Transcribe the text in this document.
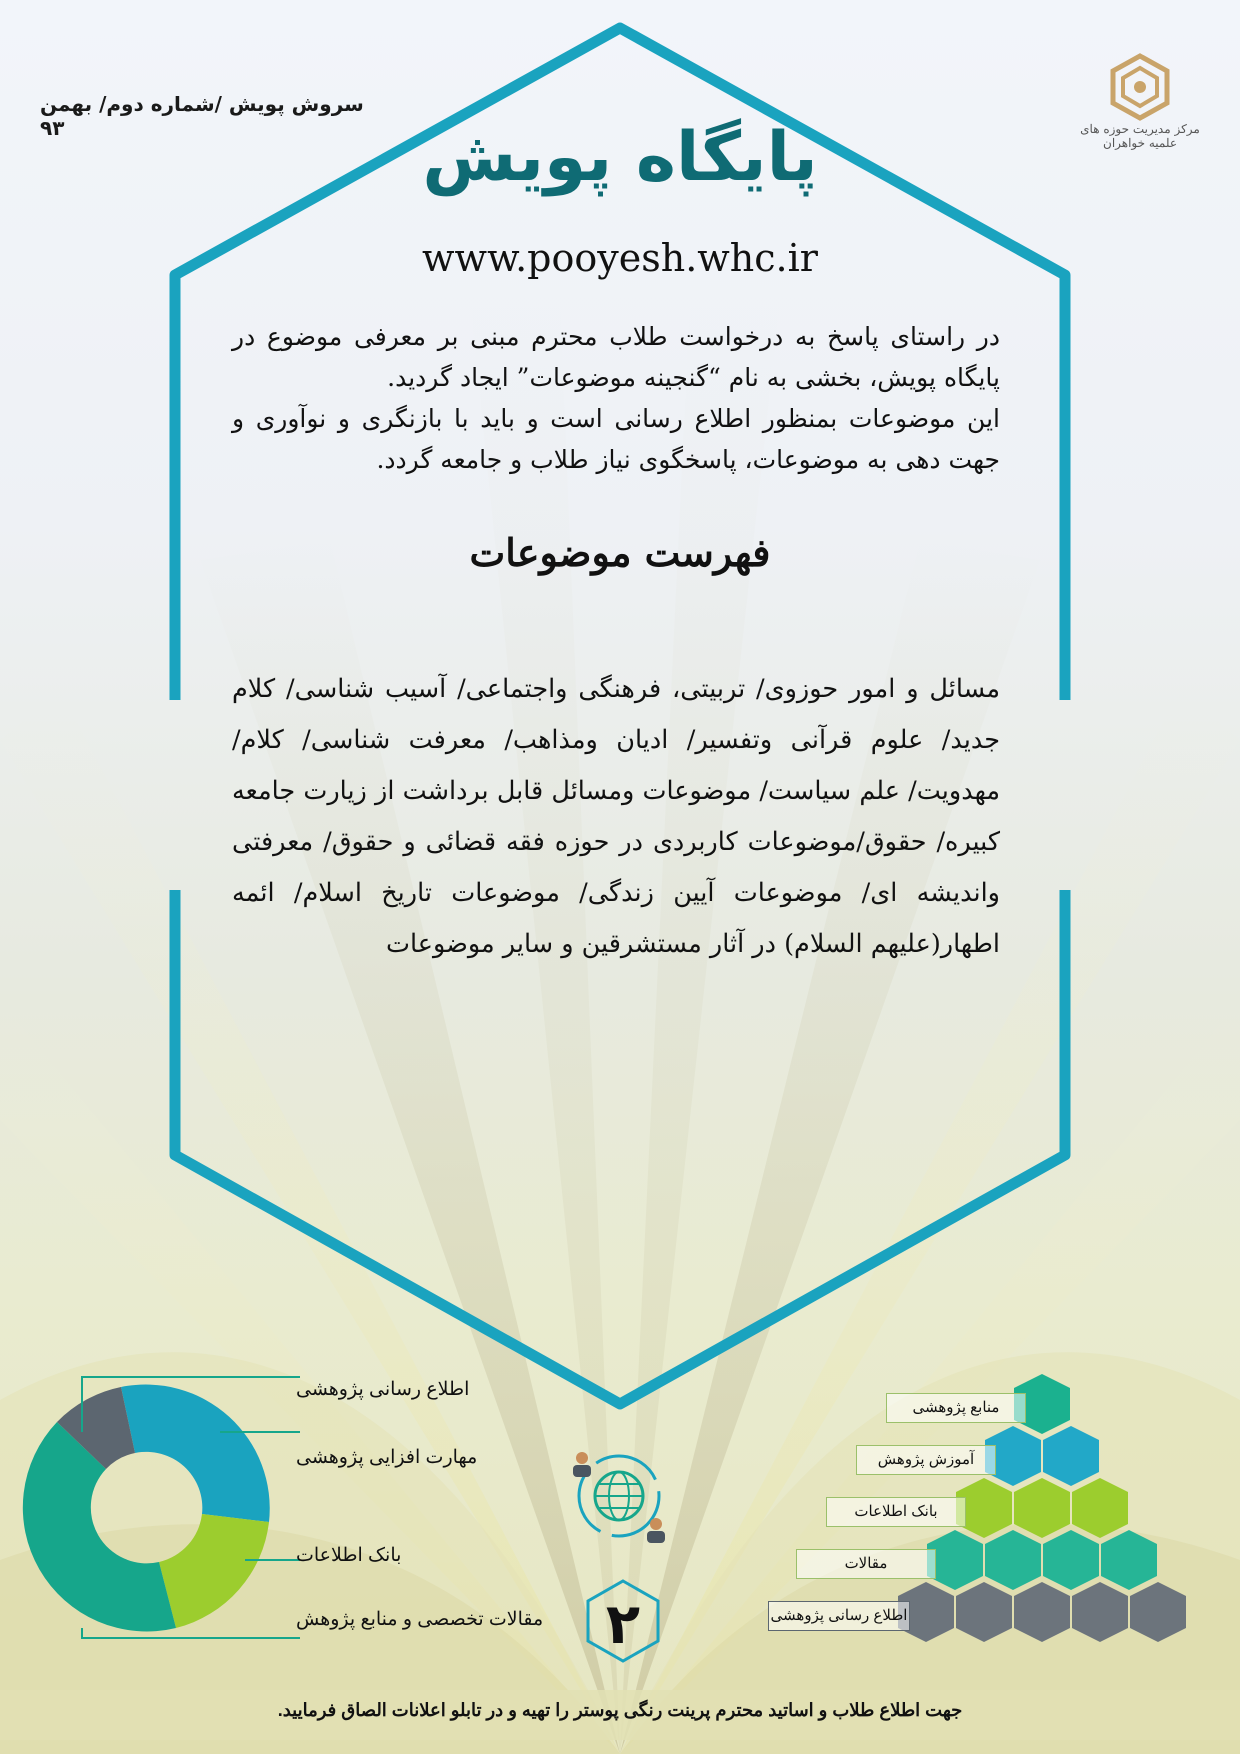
مرکز مدیریت حوزه های علمیه خواهران
سروش پویش /شماره دوم/ بهمن ۹۳	پایگاه پویش
www.pooyesh.whc.ir

در راستای پاسخ به درخواست طلاب محترم مبنی بر معرفی موضوع در پایگاه پویش، بخشی به نام “گنجینه موضوعات” ایجاد گردید.

این موضوعات بمنظور اطلاع رسانی است و باید با بازنگری و نوآوری و جهت دهی به موضوعات، پاسخگوی نیاز طلاب و جامعه گردد.

فهرست موضوعات
مسائل و امور حوزوی/ تربیتی، فرهنگی واجتماعی/ آسیب شناسی/ کلام جدید/ علوم قرآنی وتفسیر/ ادیان ومذاهب/ معرفت شناسی/ کلام/ مهدویت/ علم سیاست/ موضوعات ومسائل قابل برداشت از زیارت جامعه کبیره/ حقوق/موضوعات کاربردی در حوزه فقه قضائی و حقوق/ معرفتی واندیشه ای/ موضوعات آیین زندگی/ موضوعات تاریخ اسلام/ ائمه اطهار(علیهم السلام) در آثار مستشرقین و سایر موضوعات
اطلاع رسانی پژوهشی
مهارت افزایی پژوهشی
بانک اطلاعات
مقالات تخصصی و منابع پژوهش	۲
منابع پژوهشی
آموزش پژوهش
بانک اطلاعات
مقالات
اطلاع رسانی پژوهشی
جهت اطلاع طلاب و اساتید محترم پرینت رنگی پوستر را تهیه و در تابلو اعلانات الصاق فرمایید.
